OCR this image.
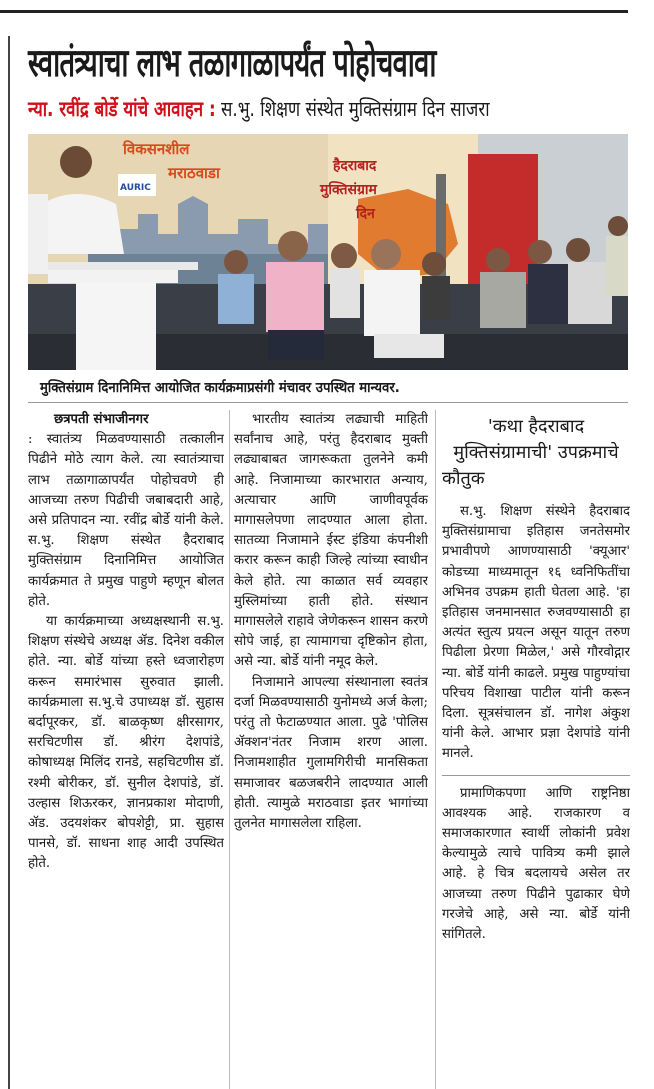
स्वातंत्र्याचा लाभ तळागाळापर्यंत पोहोचवावा
न्या. रवींद्र बोर्डे यांचे आवाहन : स.भु. शिक्षण संस्थेत मुक्तिसंग्राम दिन साजरा
विकसनशील
मराठवाडा	हैदराबाद
मुक्तिसंग्राम
दिन
AURIC
मुक्तिसंग्राम दिनानिमित्त आयोजित कार्यक्रमाप्रसंगी मंचावर उपस्थित मान्यवर.

छत्रपती संभाजीनगर

: स्वातंत्र्य मिळवण्यासाठी तत्कालीन पिढीने मोठे त्याग केले. त्या स्वातंत्र्याचा लाभ तळागाळापर्यंत पोहोचवणे ही आजच्या तरुण पिढीची जबाबदारी आहे, असे प्रतिपादन न्या. रवींद्र बोर्डे यांनी केले. स.भु. शिक्षण संस्थेत हैदराबाद मुक्तिसंग्राम दिनानिमित्त आयोजित कार्यक्रमात ते प्रमुख पाहुणे म्हणून बोलत होते.

या कार्यक्रमाच्या अध्यक्षस्थानी स.भु. शिक्षण संस्थेचे अध्यक्ष ॲड. दिनेश वकील होते. न्या. बोर्डे यांच्या हस्ते ध्वजारोहण करून समारंभास सुरुवात झाली. कार्यक्रमाला स.भु.चे उपाध्यक्ष डॉ. सुहास बर्दापूरकर, डॉ. बाळकृष्ण क्षीरसागर, सरचिटणीस डॉ. श्रीरंग देशपांडे, कोषाध्यक्ष मिलिंद रानडे, सहचिटणीस डॉ. रश्मी बोरीकर, डॉ. सुनील देशपांडे, डॉ. उल्हास शिऊरकर, ज्ञानप्रकाश मोदाणी, ॲड. उदयशंकर बोपशेट्टी, प्रा. सुहास पानसे, डॉ. साधना शाह आदी उपस्थित होते.

भारतीय स्वातंत्र्य लढ्याची माहिती सर्वांनाच आहे, परंतु हैदराबाद मुक्ती लढ्याबाबत जागरूकता तुलनेने कमी आहे. निजामाच्या कारभारात अन्याय, अत्याचार आणि जाणीवपूर्वक मागासलेपणा लादण्यात आला होता. सातव्या निजामाने ईस्ट इंडिया कंपनीशी करार करून काही जिल्हे त्यांच्या स्वाधीन केले होते. त्या काळात सर्व व्यवहार मुस्लिमांच्या हाती होते. संस्थान मागासलेले राहावे जेणेकरून शासन करणे सोपे जाई, हा त्यामागचा दृष्टिकोन होता, असे न्या. बोर्डे यांनी नमूद केले.

निजामाने आपल्या संस्थानाला स्वतंत्र दर्जा मिळवण्यासाठी युनोमध्ये अर्ज केला; परंतु तो फेटाळण्यात आला. पुढे 'पोलिस ॲक्शन'नंतर निजाम शरण आला. निजामशाहीत गुलामगिरीची मानसिकता समाजावर बळजबरीने लादण्यात आली होती. त्यामुळे मराठवाडा इतर भागांच्या तुलनेत मागासलेला राहिला.

'कथा हैदराबाद मुक्तिसंग्रामाची' उपक्रमाचे कौतुक

स.भु. शिक्षण संस्थेने हैदराबाद मुक्तिसंग्रामाचा इतिहास जनतेसमोर प्रभावीपणे आणण्यासाठी 'क्यूआर' कोडच्या माध्यमातून १६ ध्वनिफितींचा अभिनव उपक्रम हाती घेतला आहे. 'हा इतिहास जनमानसात रुजवण्यासाठी हा अत्यंत स्तुत्य प्रयत्न असून यातून तरुण पिढीला प्रेरणा मिळेल,' असे गौरवोद्गार न्या. बोर्डे यांनी काढले. प्रमुख पाहुण्यांचा परिचय विशाखा पाटील यांनी करून दिला. सूत्रसंचालन डॉ. नागेश अंकुश यांनी केले. आभार प्रज्ञा देशपांडे यांनी मानले.

प्रामाणिकपणा आणि राष्ट्रनिष्ठा आवश्यक आहे. राजकारण व समाजकारणात स्वार्थी लोकांनी प्रवेश केल्यामुळे त्याचे पावित्र्य कमी झाले आहे. हे चित्र बदलायचे असेल तर आजच्या तरुण पिढीने पुढाकार घेणे गरजेचे आहे, असे न्या. बोर्डे यांनी सांगितले.
